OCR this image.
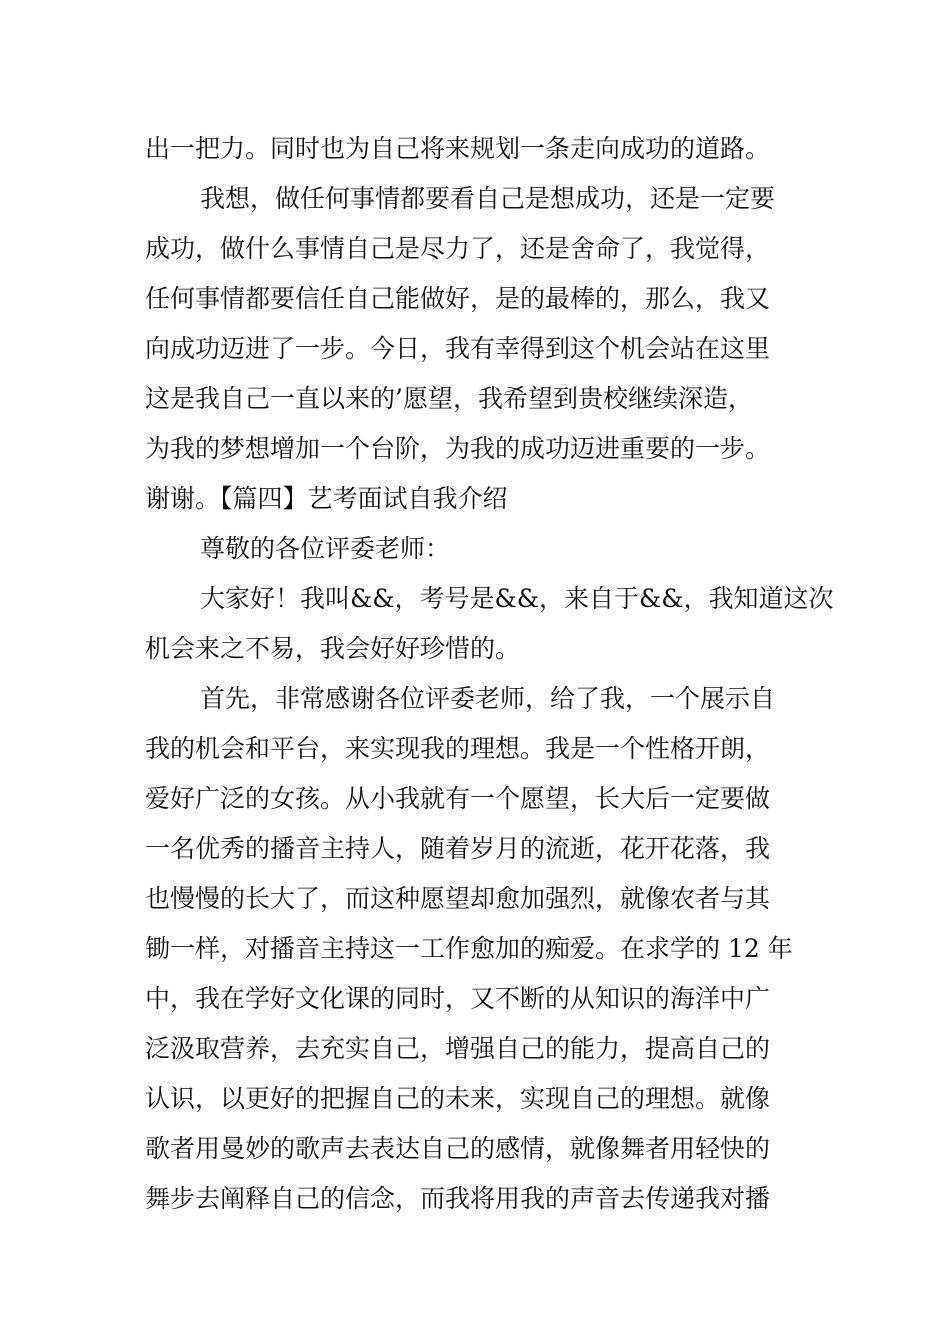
出一把力。同时也为自己将来规划一条走向成功的道路。
我想，做任何事情都要看自己是想成功，还是一定要
成功，做什么事情自己是尽力了，还是舍命了，我觉得，
任何事情都要信任自己能做好，是的最棒的，那么，我又
向成功迈进了一步。今日，我有幸得到这个机会站在这里
这是我自己一直以来的’愿望，我希望到贵校继续深造，
为我的梦想增加一个台阶，为我的成功迈进重要的一步。
谢谢。【篇四】艺考面试自我介绍
尊敬的各位评委老师：
大家好！我叫&&，考号是&&，来自于&&，我知道这次
机会来之不易，我会好好珍惜的。
首先，非常感谢各位评委老师，给了我，一个展示自
我的机会和平台，来实现我的理想。我是一个性格开朗，
爱好广泛的女孩。从小我就有一个愿望，长大后一定要做
一名优秀的播音主持人，随着岁月的流逝，花开花落，我
也慢慢的长大了，而这种愿望却愈加强烈，就像农者与其
锄一样，对播音主持这一工作愈加的痴爱。在求学的 12 年
中，我在学好文化课的同时，又不断的从知识的海洋中广
泛汲取营养，去充实自己，增强自己的能力，提高自己的
认识，以更好的把握自己的未来，实现自己的理想。就像
歌者用曼妙的歌声去表达自己的感情，就像舞者用轻快的
舞步去阐释自己的信念，而我将用我的声音去传递我对播
